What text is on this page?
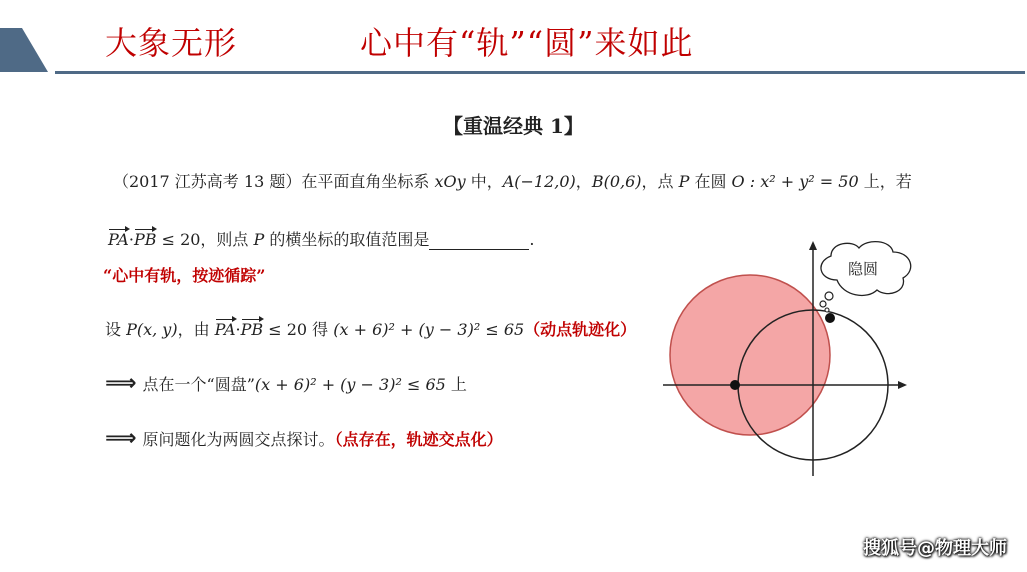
大象无形	心中有“轨”“圆”来如此
【重温经典 1】
（2017 江苏高考 13 题）在平面直角坐标系 xOy 中，A(−12,0)，B(0,6)，点 P 在圆 O : x² + y² = 50 上，若
PA·PB ≤ 20，则点 P 的横坐标的取值范围是	.
“心中有轨，按迹循踪”
设 P(x, y)，由 PA·PB ≤ 20 得 (x + 6)² + (y − 3)² ≤ 65（动点轨迹化）
⟹ 点在一个“圆盘”(x + 6)² + (y − 3)² ≤ 65 上
⟹ 原问题化为两圆交点探讨。（点存在，轨迹交点化）
隐圆
搜狐号@物理大师
